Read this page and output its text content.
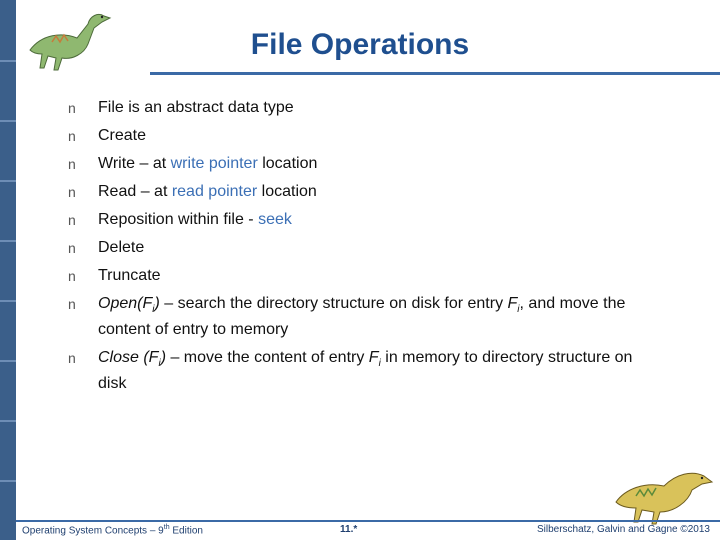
File Operations
n File is an abstract data type
n Create
n Write – at write pointer location
n Read – at read pointer location
n Reposition within file - seek
n Delete
n Truncate
n $Open(F_i)$ – search the directory structure on disk for entry $F_i$, and move the content of entry to memory
n Close $(F_i)$ – move the content of entry $F_i$ in memory to directory structure on disk
Operating System Concepts – 9th Edition	11.*	Silberschatz, Galvin and Gagne ©2013
